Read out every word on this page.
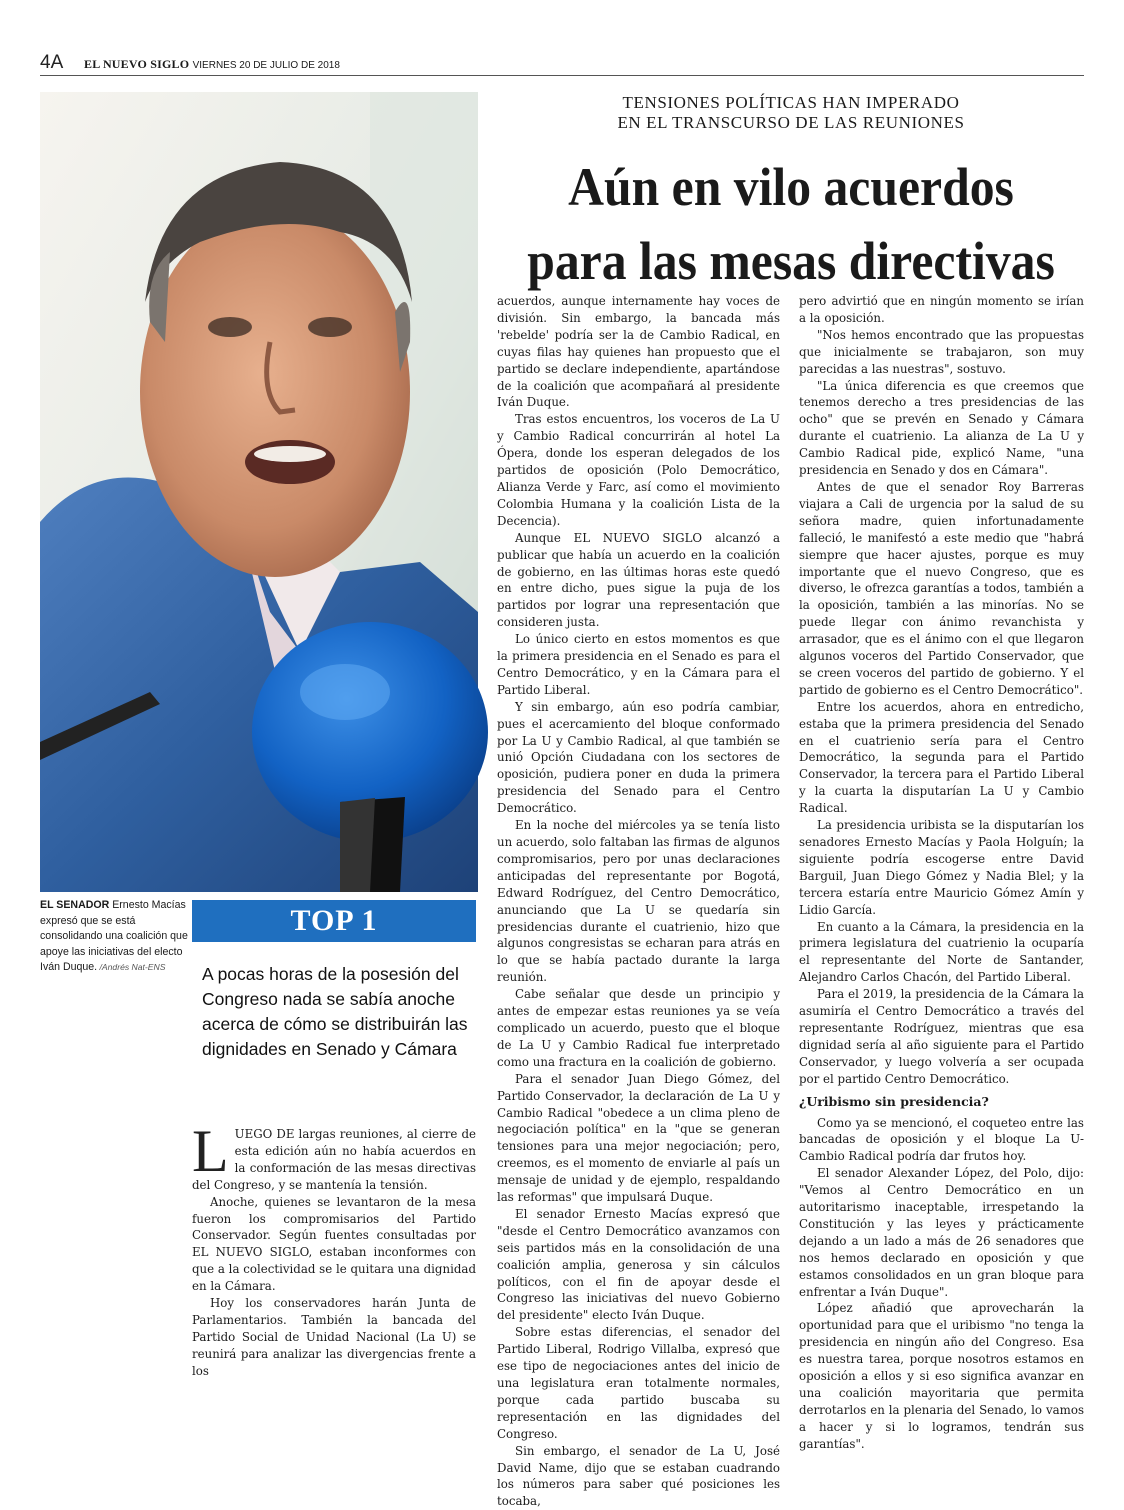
4A EL NUEVO SIGLO VIERNES 20 DE JULIO DE 2018
EL SENADOR Ernesto Macías expresó que se está consolidando una coalición que apoye las iniciativas del electo Iván Duque. /Andrés Nat-ENS
TOP 1
A pocas horas de la posesión del Congreso nada se sabía anoche acerca de cómo se distribuirán las dignidades en Senado y Cámara
TENSIONES POLÍTICAS HAN IMPERADO
EN EL TRANSCURSO DE LAS REUNIONES
Aún en vilo acuerdos
para las mesas directivas

LUEGO DE largas reuniones, al cierre de esta edición aún no había acuerdos en la conformación de las mesas directivas del Congreso, y se mantenía la tensión.

Anoche, quienes se levantaron de la mesa fueron los compromisarios del Partido Conservador. Según fuentes consultadas por EL NUEVO SIGLO, estaban inconformes con que a la colectividad se le quitara una dignidad en la Cámara.

Hoy los conservadores harán Junta de Parlamentarios. También la bancada del Partido Social de Unidad Nacional (La U) se reunirá para analizar las divergencias frente a los

acuerdos, aunque internamente hay voces de división. Sin embargo, la bancada más 'rebelde' podría ser la de Cambio Radical, en cuyas filas hay quienes han propuesto que el partido se declare independiente, apartándose de la coalición que acompañará al presidente Iván Duque.

Tras estos encuentros, los voceros de La U y Cambio Radical concurrirán al hotel La Ópera, donde los esperan delegados de los partidos de oposición (Polo Democrático, Alianza Verde y Farc, así como el movimiento Colombia Humana y la coalición Lista de la Decencia).

Aunque EL NUEVO SIGLO alcanzó a publicar que había un acuerdo en la coalición de gobierno, en las últimas horas este quedó en entre dicho, pues sigue la puja de los partidos por lograr una representación que consideren justa.

Lo único cierto en estos momentos es que la primera presidencia en el Senado es para el Centro Democrático, y en la Cámara para el Partido Liberal.

Y sin embargo, aún eso podría cambiar, pues el acercamiento del bloque conformado por La U y Cambio Radical, al que también se unió Opción Ciudadana con los sectores de oposición, pudiera poner en duda la primera presidencia del Senado para el Centro Democrático.

En la noche del miércoles ya se tenía listo un acuerdo, solo faltaban las firmas de algunos compromisarios, pero por unas declaraciones anticipadas del representante por Bogotá, Edward Rodríguez, del Centro Democrático, anunciando que La U se quedaría sin presidencias durante el cuatrienio, hizo que algunos congresistas se echaran para atrás en lo que se había pactado durante la larga reunión.

Cabe señalar que desde un principio y antes de empezar estas reuniones ya se veía complicado un acuerdo, puesto que el bloque de La U y Cambio Radical fue interpretado como una fractura en la coalición de gobierno.

Para el senador Juan Diego Gómez, del Partido Conservador, la declaración de La U y Cambio Radical "obedece a un clima pleno de negociación política" en la "que se generan tensiones para una mejor negociación; pero, creemos, es el momento de enviarle al país un mensaje de unidad y de ejemplo, respaldando las reformas" que impulsará Duque.

El senador Ernesto Macías expresó que "desde el Centro Democrático avanzamos con seis partidos más en la consolidación de una coalición amplia, generosa y sin cálculos políticos, con el fin de apoyar desde el Congreso las iniciativas del nuevo Gobierno del presidente" electo Iván Duque.

Sobre estas diferencias, el senador del Partido Liberal, Rodrigo Villalba, expresó que ese tipo de negociaciones antes del inicio de una legislatura eran totalmente normales, porque cada partido buscaba su representación en las dignidades del Congreso.

Sin embargo, el senador de La U, José David Name, dijo que se estaban cuadrando los números para saber qué posiciones les tocaba,

pero advirtió que en ningún momento se irían a la oposición.

"Nos hemos encontrado que las propuestas que inicialmente se trabajaron, son muy parecidas a las nuestras", sostuvo.

"La única diferencia es que creemos que tenemos derecho a tres presidencias de las ocho" que se prevén en Senado y Cámara durante el cuatrienio. La alianza de La U y Cambio Radical pide, explicó Name, "una presidencia en Senado y dos en Cámara".

Antes de que el senador Roy Barreras viajara a Cali de urgencia por la salud de su señora madre, quien infortunadamente falleció, le manifestó a este medio que "habrá siempre que hacer ajustes, porque es muy importante que el nuevo Congreso, que es diverso, le ofrezca garantías a todos, también a la oposición, también a las minorías. No se puede llegar con ánimo revanchista y arrasador, que es el ánimo con el que llegaron algunos voceros del Partido Conservador, que se creen voceros del partido de gobierno. Y el partido de gobierno es el Centro Democrático".

Entre los acuerdos, ahora en entredicho, estaba que la primera presidencia del Senado en el cuatrienio sería para el Centro Democrático, la segunda para el Partido Conservador, la tercera para el Partido Liberal y la cuarta la disputarían La U y Cambio Radical.

La presidencia uribista se la disputarían los senadores Ernesto Macías y Paola Holguín; la siguiente podría escogerse entre David Barguil, Juan Diego Gómez y Nadia Blel; y la tercera estaría entre Mauricio Gómez Amín y Lidio García.

En cuanto a la Cámara, la presidencia en la primera legislatura del cuatrienio la ocuparía el representante del Norte de Santander, Alejandro Carlos Chacón, del Partido Liberal.

Para el 2019, la presidencia de la Cámara la asumiría el Centro Democrático a través del representante Rodríguez, mientras que esa dignidad sería al año siguiente para el Partido Conservador, y luego volvería a ser ocupada por el partido Centro Democrático.

¿Uribismo sin presidencia?

Como ya se mencionó, el coqueteo entre las bancadas de oposición y el bloque La U-Cambio Radical podría dar frutos hoy.

El senador Alexander López, del Polo, dijo: "Vemos al Centro Democrático en un autoritarismo inaceptable, irrespetando la Constitución y las leyes y prácticamente dejando a un lado a más de 26 senadores que nos hemos declarado en oposición y que estamos consolidados en un gran bloque para enfrentar a Iván Duque".

López añadió que aprovecharán la oportunidad para que el uribismo "no tenga la presidencia en ningún año del Congreso. Esa es nuestra tarea, porque nosotros estamos en oposición a ellos y si eso significa avanzar en una coalición mayoritaria que permita derrotarlos en la plenaria del Senado, lo vamos a hacer y si lo logramos, tendrán sus garantías".
